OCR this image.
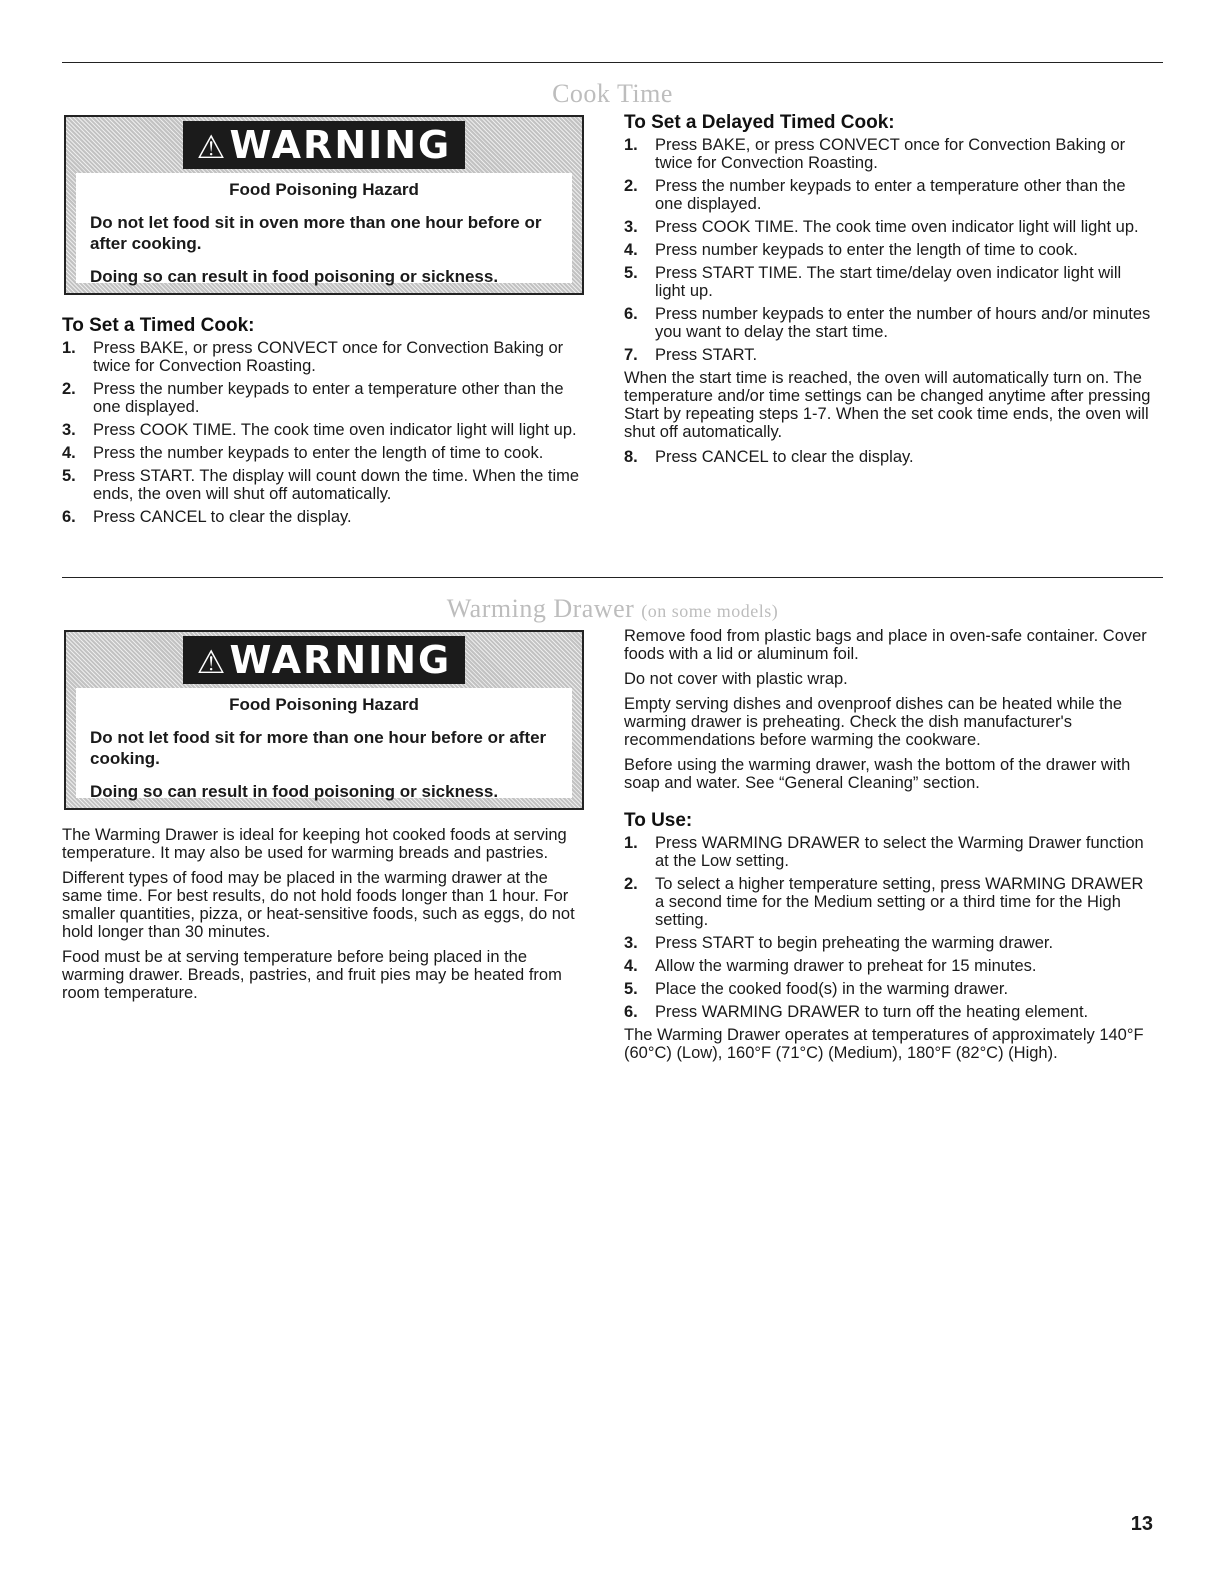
Cook Time
⚠WARNING

Food Poisoning Hazard

Do not let food sit in oven more than one hour before or after cooking.

Doing so can result in food poisoning or sickness.

To Set a Timed Cook:
1. Press BAKE, or press CONVECT once for Convection Baking or twice for Convection Roasting.
2. Press the number keypads to enter a temperature other than the one displayed.
3. Press COOK TIME. The cook time oven indicator light will light up.
4. Press the number keypads to enter the length of time to cook.
5. Press START. The display will count down the time. When the time ends, the oven will shut off automatically.
6. Press CANCEL to clear the display.
To Set a Delayed Timed Cook:
1. Press BAKE, or press CONVECT once for Convection Baking or twice for Convection Roasting.
2. Press the number keypads to enter a temperature other than the one displayed.
3. Press COOK TIME. The cook time oven indicator light will light up.
4. Press number keypads to enter the length of time to cook.
5. Press START TIME. The start time/delay oven indicator light will light up.
6. Press number keypads to enter the number of hours and/or minutes you want to delay the start time.
7. Press START.

When the start time is reached, the oven will automatically turn on. The temperature and/or time settings can be changed anytime after pressing Start by repeating steps 1-7. When the set cook time ends, the oven will shut off automatically.

8. Press CANCEL to clear the display.
Warming Drawer (on some models)
⚠WARNING

Food Poisoning Hazard

Do not let food sit for more than one hour before or after cooking.

Doing so can result in food poisoning or sickness.

The Warming Drawer is ideal for keeping hot cooked foods at serving temperature. It may also be used for warming breads and pastries.

Different types of food may be placed in the warming drawer at the same time. For best results, do not hold foods longer than 1 hour. For smaller quantities, pizza, or heat-sensitive foods, such as eggs, do not hold longer than 30 minutes.

Food must be at serving temperature before being placed in the warming drawer. Breads, pastries, and fruit pies may be heated from room temperature.

Remove food from plastic bags and place in oven-safe container. Cover foods with a lid or aluminum foil.

Do not cover with plastic wrap.

Empty serving dishes and ovenproof dishes can be heated while the warming drawer is preheating. Check the dish manufacturer's recommendations before warming the cookware.

Before using the warming drawer, wash the bottom of the drawer with soap and water. See “General Cleaning” section.

To Use:
1. Press WARMING DRAWER to select the Warming Drawer function at the Low setting.
2. To select a higher temperature setting, press WARMING DRAWER a second time for the Medium setting or a third time for the High setting.
3. Press START to begin preheating the warming drawer.
4. Allow the warming drawer to preheat for 15 minutes.
5. Place the cooked food(s) in the warming drawer.
6. Press WARMING DRAWER to turn off the heating element.

The Warming Drawer operates at temperatures of approximately 140°F (60°C) (Low), 160°F (71°C) (Medium), 180°F (82°C) (High).

13
